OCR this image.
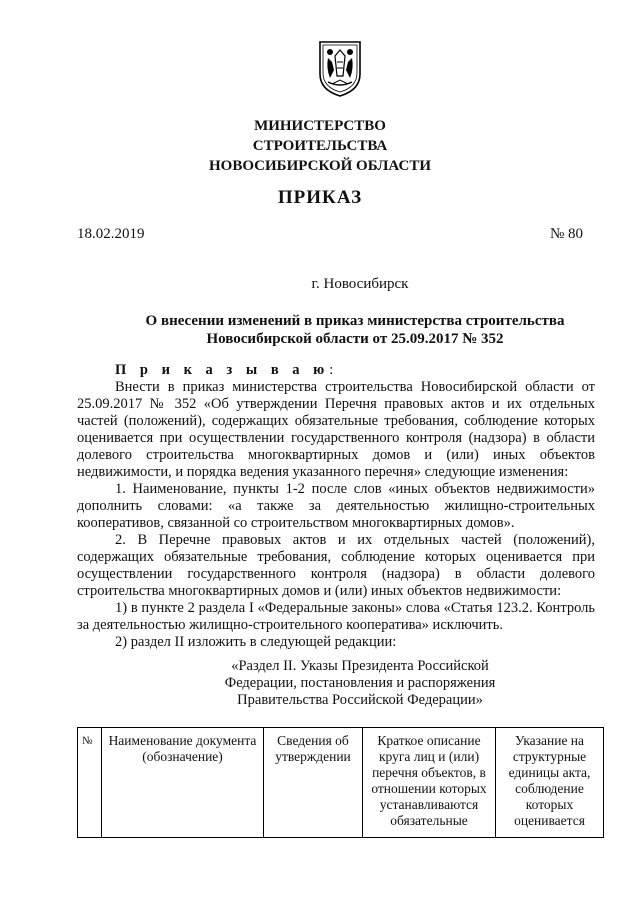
МИНИСТЕРСТВО
СТРОИТЕЛЬСТВА
НОВОСИБИРСКОЙ ОБЛАСТИ
ПРИКАЗ
18.02.2019	№ 80
г. Новосибирск
О внесении изменений в приказ министерства строительства
Новосибирской области от 25.09.2017 № 352

П р и к а з ы в а ю:

Внести в приказ министерства строительства Новосибирской области от 25.09.2017 № 352 «Об утверждении Перечня правовых актов и их отдельных частей (положений), содержащих обязательные требования, соблюдение которых оценивается при осуществлении государственного контроля (надзора) в области долевого строительства многоквартирных домов и (или) иных объектов недвижимости, и порядка ведения указанного перечня» следующие изменения:

1. Наименование, пункты 1-2 после слов «иных объектов недвижимости» дополнить словами: «а также за деятельностью жилищно-строительных кооперативов, связанной со строительством многоквартирных домов».

2. В Перечне правовых актов и их отдельных частей (положений), содержащих обязательные требования, соблюдение которых оценивается при осуществлении государственного контроля (надзора) в области долевого строительства многоквартирных домов и (или) иных объектов недвижимости:

1) в пункте 2 раздела I «Федеральные законы» слова «Статья 123.2. Контроль за деятельностью жилищно-строительного кооператива» исключить.

2) раздел II изложить в следующей редакции:

«Раздел II. Указы Президента Российской
Федерации, постановления и распоряжения
Правительства Российской Федерации»
№	Наименование документа (обозначение)	Сведения об утверждении	Краткое описание круга лиц и (или) перечня объектов, в отношении которых устанавливаются обязательные	Указание на структурные единицы акта, соблюдение которых оценивается
